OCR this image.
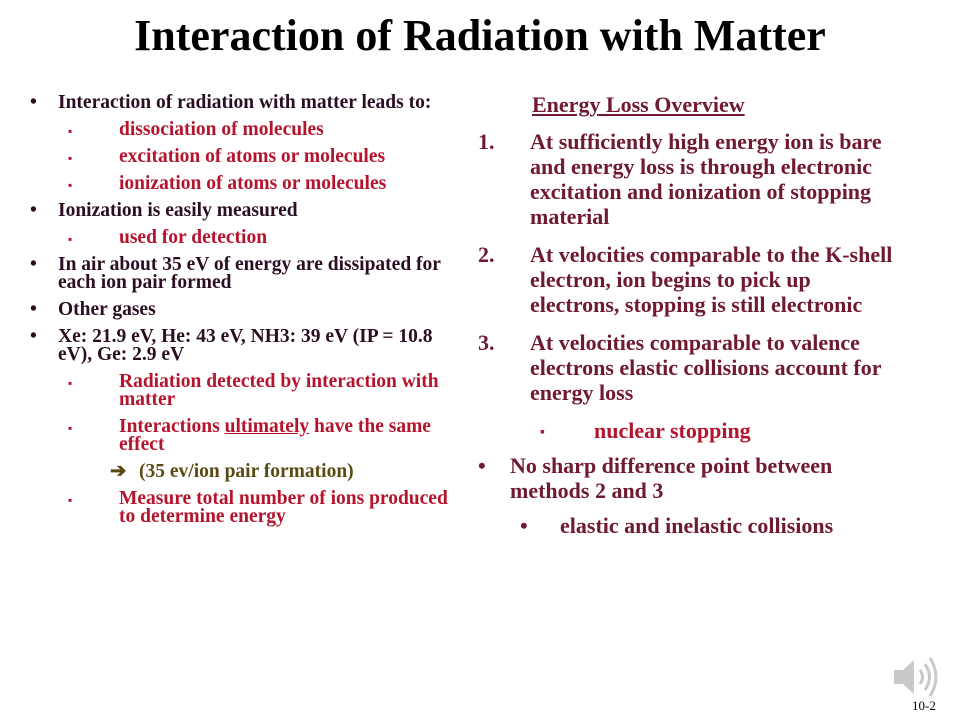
Interaction of Radiation with Matter
• Interaction of radiation with matter leads to:
▪ dissociation of molecules
▪ excitation of atoms or molecules
▪ ionization of atoms or molecules
• Ionization is easily measured
▪ used for detection
• In air about 35 eV of energy are dissipated for each ion pair formed
• Other gases
• Xe: 21.9 eV, He: 43 eV, NH3: 39 eV (IP = 10.8 eV), Ge: 2.9 eV
▪ Radiation detected by interaction with matter
▪ Interactions ultimately have the same effect
➔ (35 ev/ion pair formation)
▪ Measure total number of ions produced to determine energy
Energy Loss Overview
1. At sufficiently high energy ion is bare and energy loss is through electronic excitation and ionization of stopping material
2. At velocities comparable to the K-shell electron, ion begins to pick up electrons, stopping is still electronic
3. At velocities comparable to valence electrons elastic collisions account for energy loss
▪ nuclear stopping
• No sharp difference point between methods 2 and 3
• elastic and inelastic collisions
10-2
